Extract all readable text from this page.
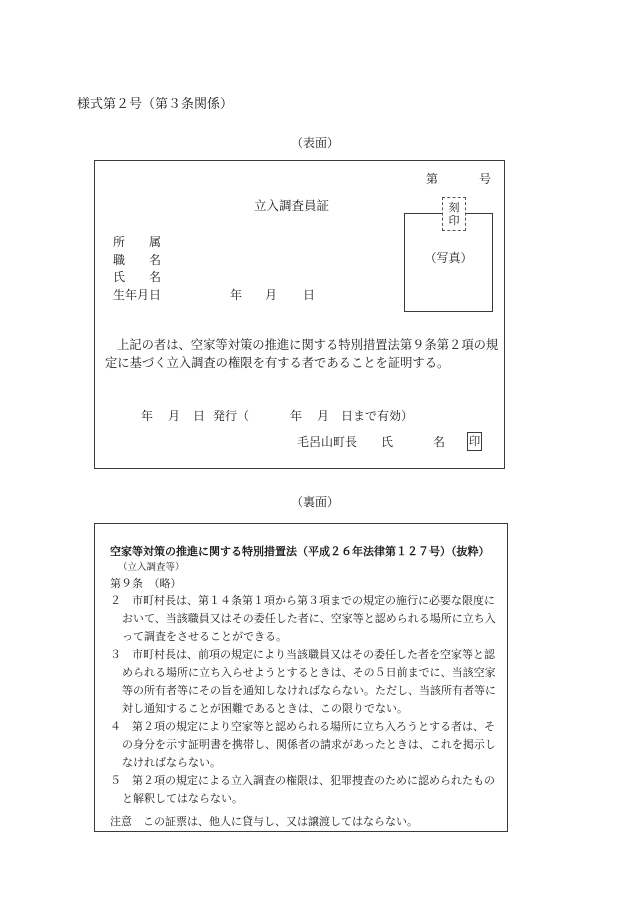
様式第２号（第３条関係）
（表面）
第	号
立入調査員証
（写真）
刻
印
所　　属
職　　名
氏　　名
生年月日	年 月 日
上記の者は、空家等対策の推進に関する特別措置法第９条第２項の規
定に基づく立入調査の権限を有する者であることを証明する。
年 月 日 発行（	年 月 日まで有効）
毛呂山町長 氏	名 印
（裏面）
空家等対策の推進に関する特別措置法（平成２６年法律第１２７号）（抜粋）
（立入調査等）
第９条　（略）
２　市町村長は、第１４条第１項から第３項までの規定の施行に必要な限度に
おいて、当該職員又はその委任した者に、空家等と認められる場所に立ち入
って調査をさせることができる。
３　市町村長は、前項の規定により当該職員又はその委任した者を空家等と認
められる場所に立ち入らせようとするときは、その５日前までに、当該空家
等の所有者等にその旨を通知しなければならない。ただし、当該所有者等に
対し通知することが困難であるときは、この限りでない。
４　第２項の規定により空家等と認められる場所に立ち入ろうとする者は、そ
の身分を示す証明書を携帯し、関係者の請求があったときは、これを掲示し
なければならない。
５　第２項の規定による立入調査の権限は、犯罪捜査のために認められたもの
と解釈してはならない。
注意　この証票は、他人に貸与し、又は譲渡してはならない。
